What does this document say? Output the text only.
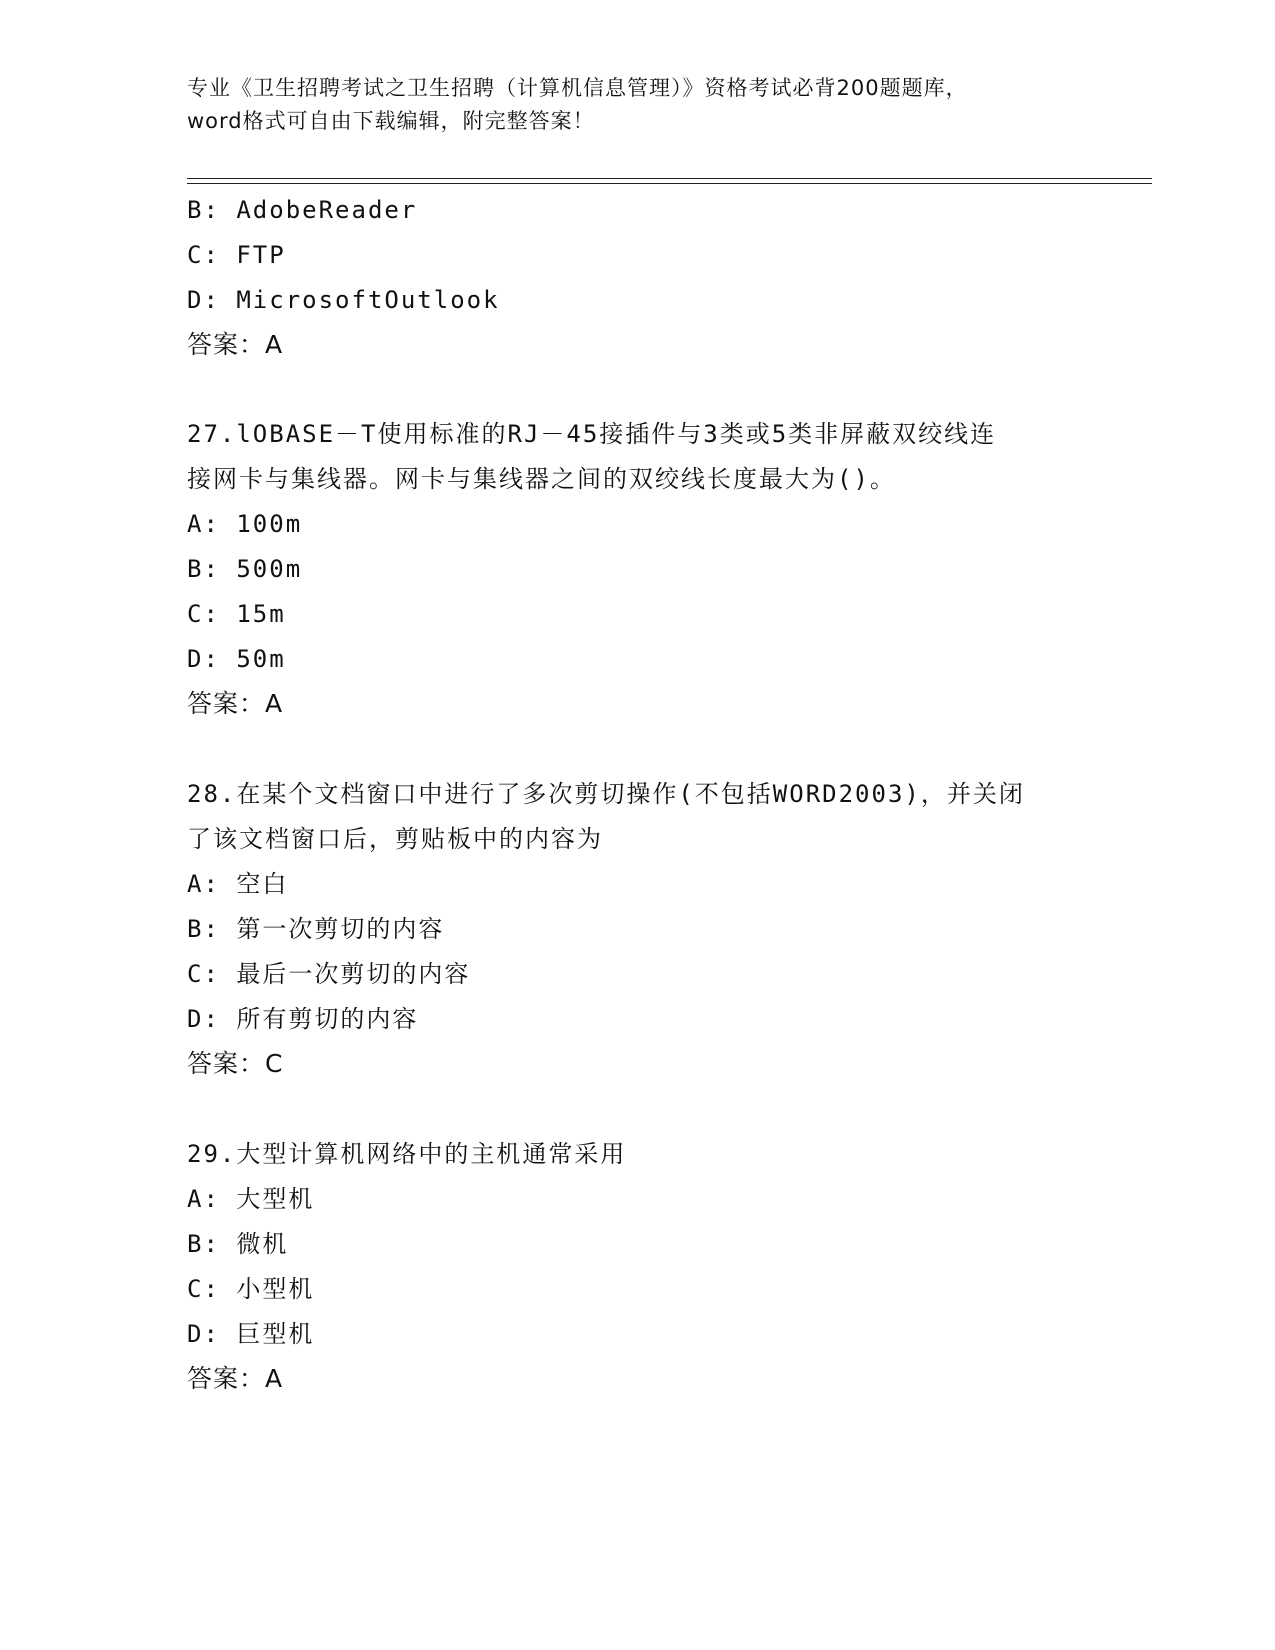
专业《卫生招聘考试之卫生招聘（计算机信息管理）》资格考试必背200题题库，
word格式可自由下载编辑，附完整答案！
B: AdobeReader
C: FTP
D: MicrosoftOutlook
答案：A
27.lOBASE－T使用标准的RJ－45接插件与3类或5类非屏蔽双绞线连
接网卡与集线器。网卡与集线器之间的双绞线长度最大为()。
A: 100m
B: 500m
C: 15m
D: 50m
答案：A
28.在某个文档窗口中进行了多次剪切操作(不包括WORD2003)，并关闭
了该文档窗口后，剪贴板中的内容为
A: 空白
B: 第一次剪切的内容
C: 最后一次剪切的内容
D: 所有剪切的内容
答案：C
29.大型计算机网络中的主机通常采用
A: 大型机
B: 微机
C: 小型机
D: 巨型机
答案：A
